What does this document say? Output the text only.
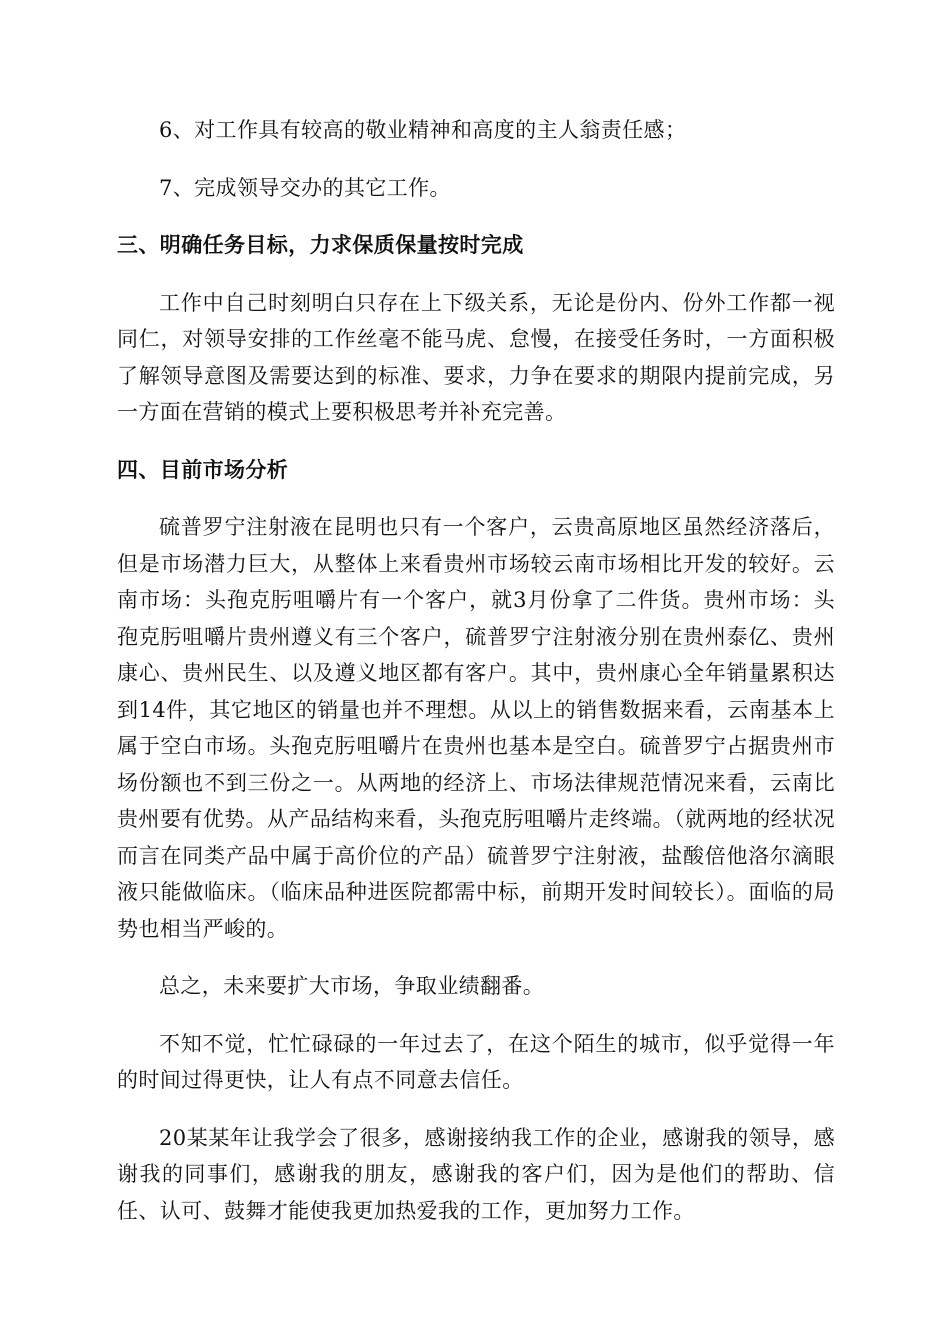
6、对工作具有较高的敬业精神和高度的主人翁责任感；

7、完成领导交办的其它工作。

三、明确任务目标，力求保质保量按时完成

工作中自己时刻明白只存在上下级关系，无论是份内、份外工作都一视同仁，对领导安排的工作丝毫不能马虎、怠慢，在接受任务时，一方面积极了解领导意图及需要达到的标准、要求，力争在要求的期限内提前完成，另一方面在营销的模式上要积极思考并补充完善。

四、目前市场分析

硫普罗宁注射液在昆明也只有一个客户，云贵高原地区虽然经济落后，但是市场潜力巨大，从整体上来看贵州市场较云南市场相比开发的较好。云南市场：头孢克肟咀嚼片有一个客户，就3月份拿了二件货。贵州市场：头孢克肟咀嚼片贵州遵义有三个客户，硫普罗宁注射液分别在贵州泰亿、贵州康心、贵州民生、以及遵义地区都有客户。其中，贵州康心全年销量累积达到14件，其它地区的销量也并不理想。从以上的销售数据来看，云南基本上属于空白市场。头孢克肟咀嚼片在贵州也基本是空白。硫普罗宁占据贵州市场份额也不到三份之一。从两地的经济上、市场法律规范情况来看，云南比贵州要有优势。从产品结构来看，头孢克肟咀嚼片走终端。（就两地的经状况而言在同类产品中属于高价位的产品）硫普罗宁注射液，盐酸倍他洛尔滴眼液只能做临床。（临床品种进医院都需中标，前期开发时间较长）。面临的局势也相当严峻的。

总之，未来要扩大市场，争取业绩翻番。

不知不觉，忙忙碌碌的一年过去了，在这个陌生的城市，似乎觉得一年的时间过得更快，让人有点不同意去信任。

20某某年让我学会了很多，感谢接纳我工作的企业，感谢我的领导，感谢我的同事们，感谢我的朋友，感谢我的客户们，因为是他们的帮助、信任、认可、鼓舞才能使我更加热爱我的工作，更加努力工作。
